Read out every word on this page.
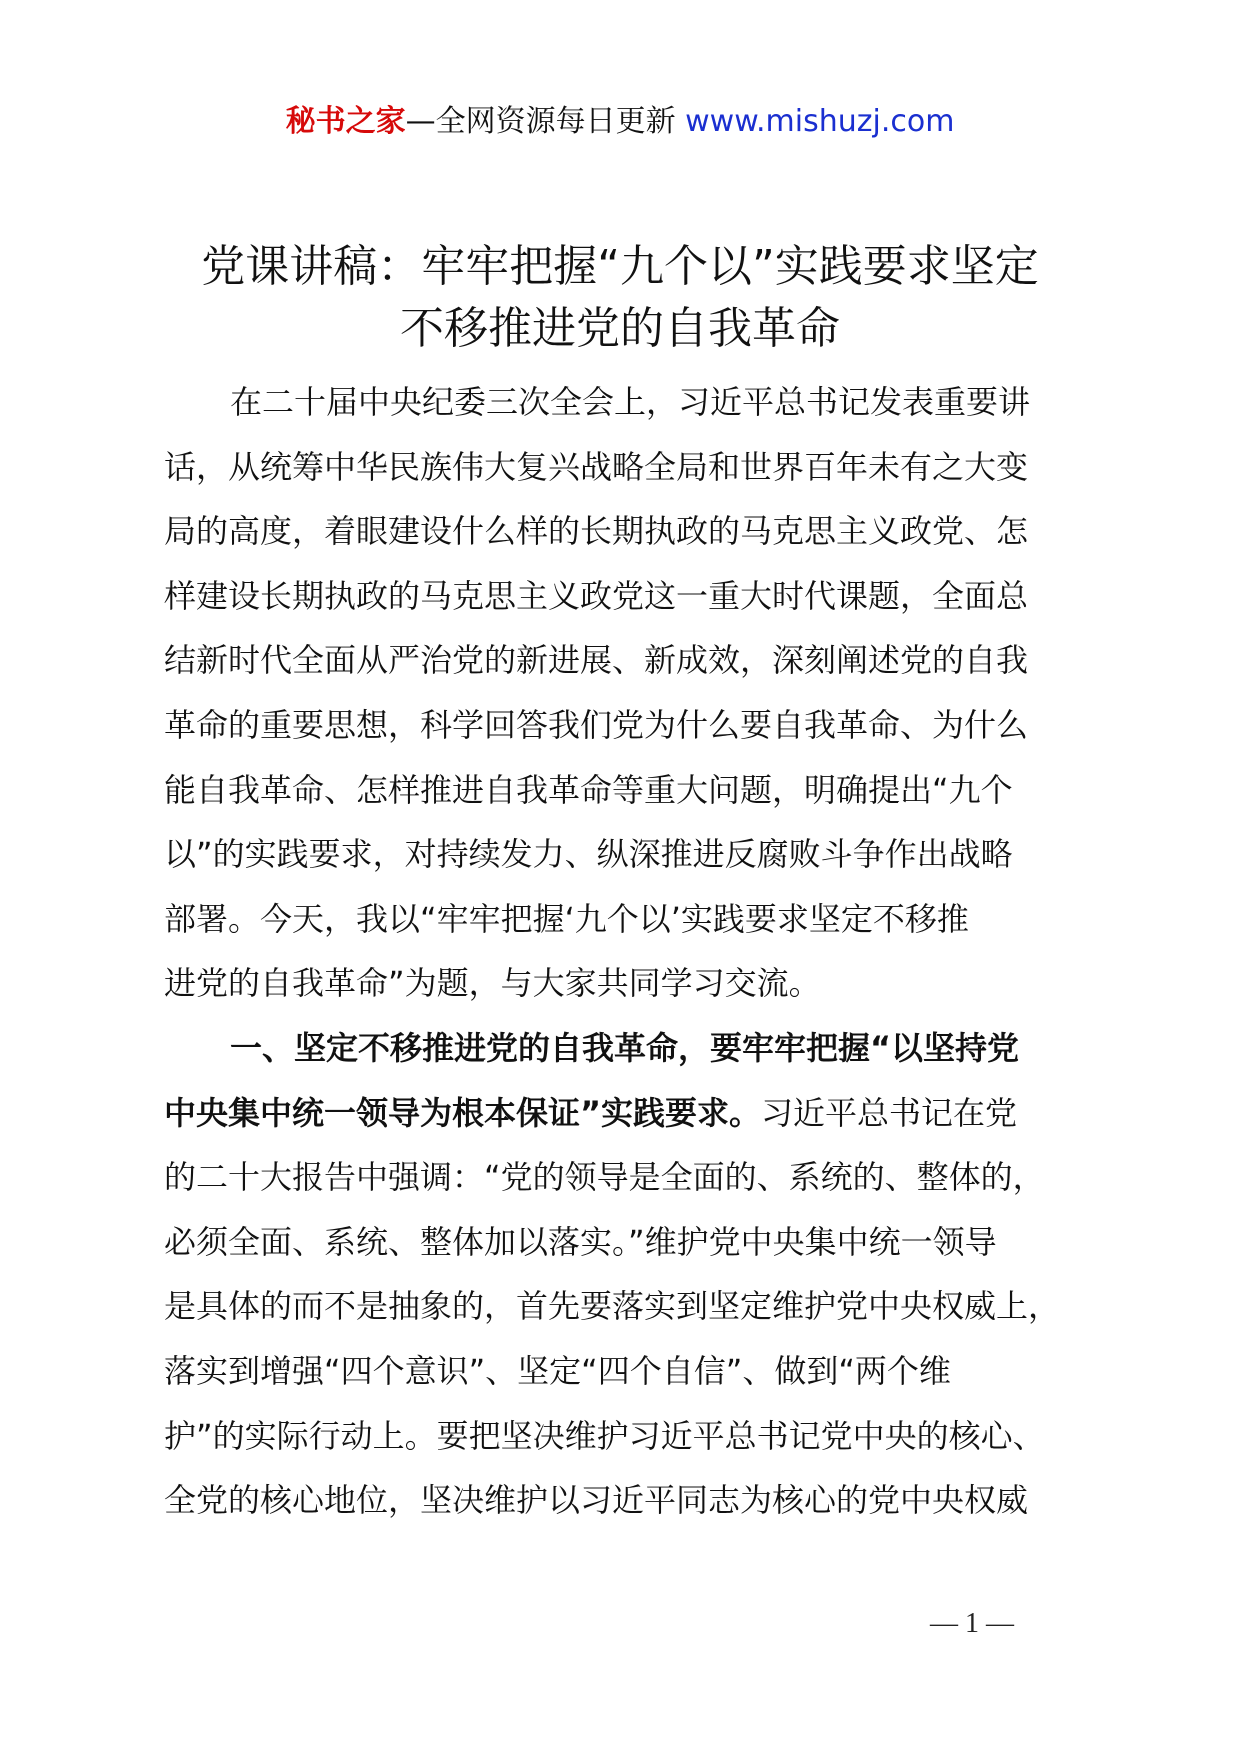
秘书之家—全网资源每日更新 www.mishuzj.com
党课讲稿：牢牢把握“九个以”实践要求坚定
不移推进党的自我革命
在二十届中央纪委三次全会上，习近平总书记发表重要讲
话，从统筹中华民族伟大复兴战略全局和世界百年未有之大变
局的高度，着眼建设什么样的长期执政的马克思主义政党、怎
样建设长期执政的马克思主义政党这一重大时代课题，全面总
结新时代全面从严治党的新进展、新成效，深刻阐述党的自我
革命的重要思想，科学回答我们党为什么要自我革命、为什么
能自我革命、怎样推进自我革命等重大问题，明确提出“九个
以”的实践要求，对持续发力、纵深推进反腐败斗争作出战略
部署。今天，我以“牢牢把握‘九个以’实践要求坚定不移推
进党的自我革命”为题，与大家共同学习交流。
一、坚定不移推进党的自我革命，要牢牢把握“以坚持党
中央集中统一领导为根本保证”实践要求。习近平总书记在党
的二十大报告中强调：“党的领导是全面的、系统的、整体的，
必须全面、系统、整体加以落实。”维护党中央集中统一领导
是具体的而不是抽象的，首先要落实到坚定维护党中央权威上，
落实到增强“四个意识”、坚定“四个自信”、做到“两个维
护”的实际行动上。要把坚决维护习近平总书记党中央的核心、
全党的核心地位，坚决维护以习近平同志为核心的党中央权威
— 1 —
